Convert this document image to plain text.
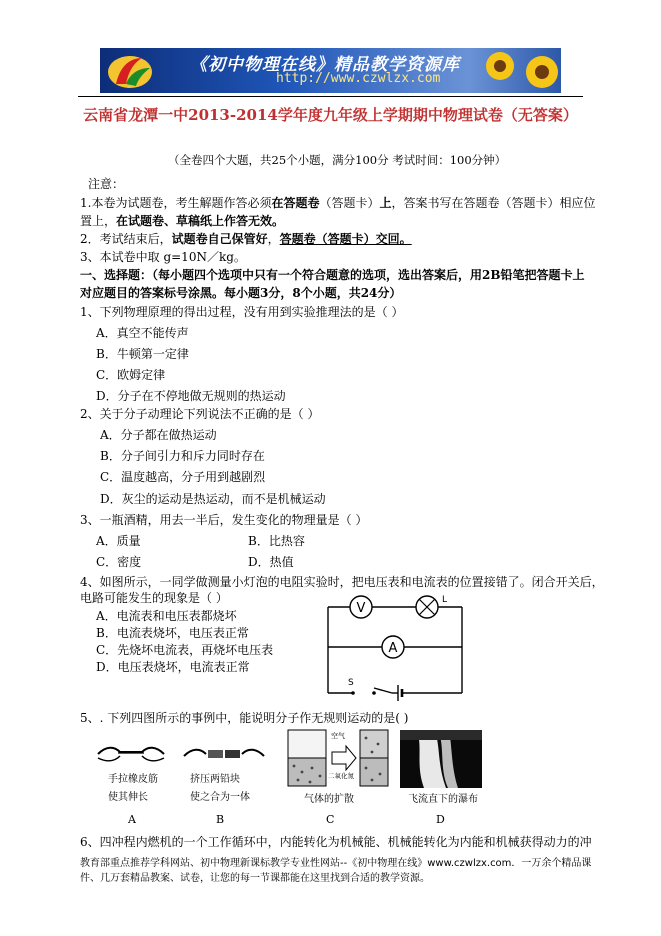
《初中物理在线》精品教学资源库
http://www.czwlzx.com
云南省龙潭一中2013-2014学年度九年级上学期期中物理试卷（无答案）
（全卷四个大题，共25个小题，满分100分 考试时间：100分钟）
注意：
1.本卷为试题卷，考生解题作答必须在答题卷（答题卡）上，答案书写在答题卷（答题卡）相应位
置上，在试题卷、草稿纸上作答无效。
2．考试结束后，试题卷自己保管好，答题卷（答题卡）交回。
3、本试卷中取 g=10N／kg。
一、选择题：（每小题四个选项中只有一个符合题意的选项，选出答案后，用2B铅笔把答题卡上
对应题目的答案标号涂黑。每小题3分，8个小题，共24分）
1、下列物理原理的得出过程，没有用到实验推理法的是（ ）
A．真空不能传声
B．牛顿第一定律
C．欧姆定律
D．分子在不停地做无规则的热运动
2、关于分子动理论下列说法不正确的是（ ）
A．分子都在做热运动
B．分子间引力和斥力同时存在
C．温度越高，分子用到越剧烈
D．灰尘的运动是热运动，而不是机械运动
3、一瓶酒精，用去一半后，发生变化的物理量是（ ）
A．质量	B．比热容
C．密度	D．热值
4、如图所示，一同学做测量小灯泡的电阻实验时，把电压表和电流表的位置接错了。闭合开关后，
电路可能发生的现象是（ ）
A．电流表和电压表都烧坏
B．电流表烧坏，电压表正常
C．先烧坏电流表，再烧坏电压表
D．电压表烧坏，电流表正常
V
L
A
S
5、. 下列四图所示的事例中，能说明分子作无规则运动的是( )
手拉橡皮筋
使其伸长
A
挤压两铅块
使之合为一体
B
空气
二氧化氮
气体的扩散
C
飞流直下的瀑布
D
6、四冲程内燃机的一个工作循环中，内能转化为机械能、机械能转化为内能和机械获得动力的冲
教育部重点推荐学科网站、初中物理新课标教学专业性网站--《初中物理在线》www.czwlzx.com．一万余个精品课
件、几万套精品教案、试卷，让您的每一节课都能在这里找到合适的教学资源。
